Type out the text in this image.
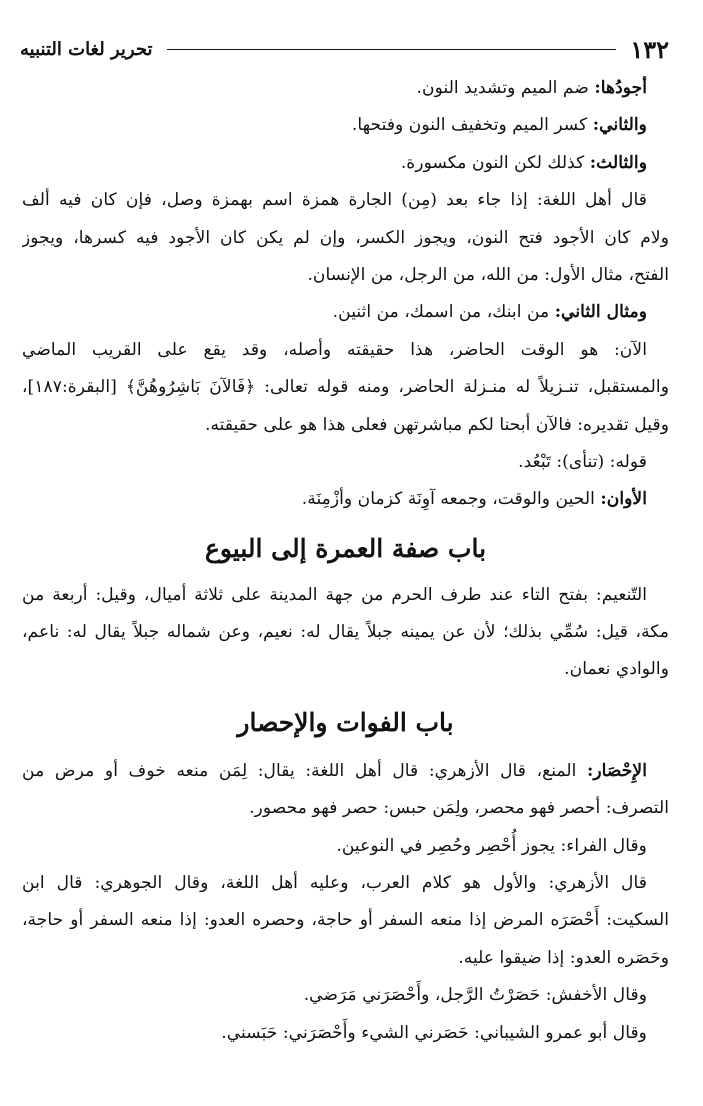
١٣٢
تحرير لغات التنبيه
أجودُها: ضم الميم وتشديد النون.
والثاني: كسر الميم وتخفيف النون وفتحها.
والثالث: كذلك لكن النون مكسورة.
قال أهل اللغة: إذا جاء بعد (مِن) الجارة همزة اسم بهمزة وصل، فإن كان فيه ألف
ولام كان الأجود فتح النون، ويجوز الكسر، وإن لم يكن كان الأجود فيه كسرها، ويجوز
الفتح، مثال الأول: من الله، من الرجل، من الإنسان.
ومثال الثاني: من ابنك، من اسمك، من اثنين.
الآن: هو الوقت الحاضر، هذا حقيقته وأصله، وقد يقع على القريب الماضي
والمستقبل، تنـزيلاً له منـزلة الحاضر، ومنه قوله تعالى: ﴿فَالآنَ بَاشِرُوهُنَّ﴾ [البقرة:١٨٧]،
وقيل تقديره: فالآن أبحنا لكم مباشرتهن فعلى هذا هو على حقيقته.
قوله: (تنأى): تَبْعُد.
الأوان: الحين والوقت، وجمعه آوِنَة كزمان وأزْمِنَة.
باب صفة العمرة إلى البيوع
التّنعيم: بفتح التاء عند طرف الحرم من جهة المدينة على ثلاثة أميال، وقيل: أربعة من
مكة، قيل: سُمِّي بذلك؛ لأن عن يمينه جبلاً يقال له: نعيم، وعن شماله جبلاً يقال له: ناعم،
والوادي نعمان.
باب الفوات والإحصار
الإِحْصَار: المنع، قال الأزهري: قال أهل اللغة: يقال: لِمَن منعه خوف أو مرض من
التصرف: أحصر فهو محصر، ولِمَن حبس: حصر فهو محصور.
وقال الفراء: يجوز أُحْصِر وحُصِر في النوعين.
قال الأزهري: والأول هو كلام العرب، وعليه أهل اللغة، وقال الجوهري: قال ابن
السكيت: أَحْصَرَه المرض إذا منعه السفر أو حاجة، وحصره العدو: إذا منعه السفر أو حاجة،
وحَصَره العدو: إذا ضيقوا عليه.
وقال الأخفش: حَصَرْتُ الرَّجل، وأَحْصَرَني مَرَضي.
وقال أبو عمرو الشيباني: حَصَرني الشيء وأَحْصَرَني: حَبَسني.
